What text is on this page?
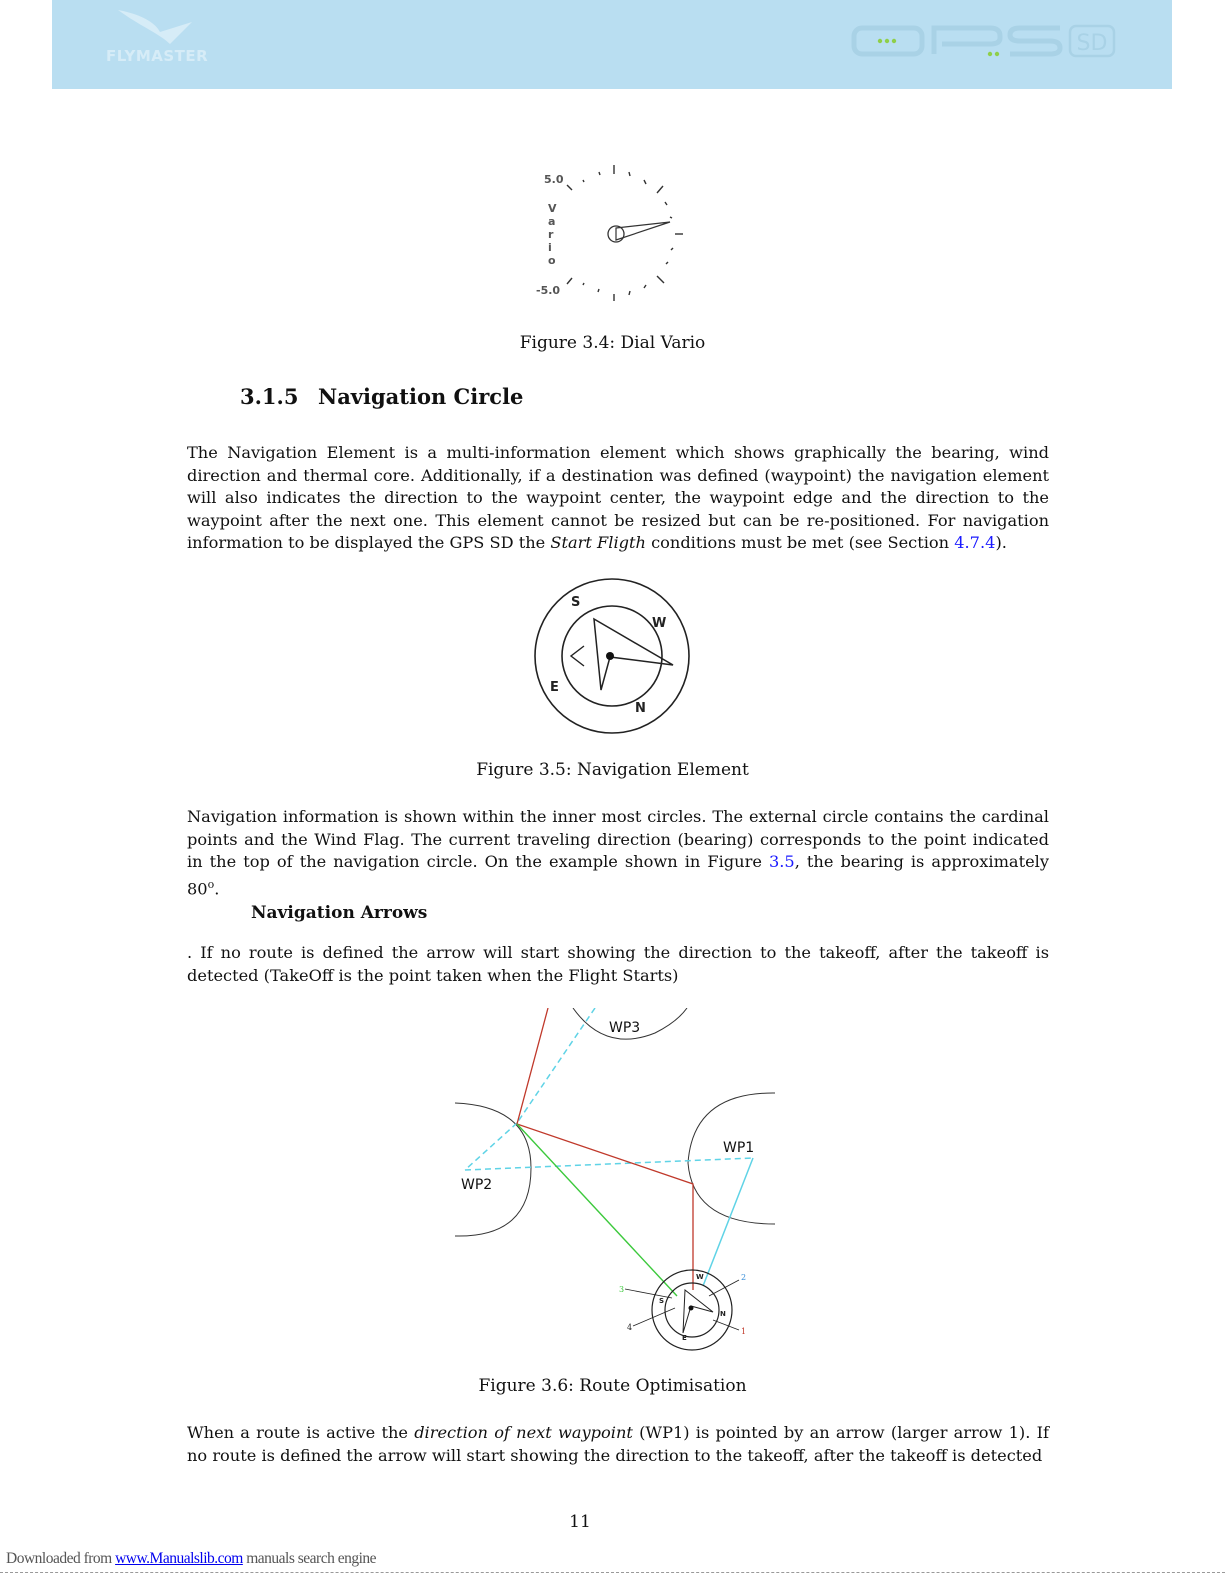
FLYMASTER	SD
5.0
-5.0
V
a
r
i
o
Figure 3.4: Dial Vario
3.1.5 Navigation Circle
The Navigation Element is a multi-information element which shows graphically the bearing, wind direction and thermal core. Additionally, if a destination was defined (waypoint) the navigation element will also indicates the direction to the waypoint center, the waypoint edge and the direction to the waypoint after the next one. This element cannot be resized but can be re-positioned. For navigation information to be displayed the GPS SD the Start Fligth conditions must be met (see Section 4.7.4).
S
W
E
N
Figure 3.5: Navigation Element
Navigation information is shown within the inner most circles. The external circle contains the cardinal points and the Wind Flag. The current traveling direction (bearing) corresponds to the point indicated in the top of the navigation circle. On the example shown in Figure 3.5, the bearing is approximately 80$^o$.
Navigation Arrows
. If no route is defined the arrow will start showing the direction to the takeoff, after the takeoff is detected (TakeOff is the point taken when the Flight Starts)
S
W
E
N
1
2
3
4
WP3
WP1
WP2
Figure 3.6: Route Optimisation
When a route is active the direction of next waypoint (WP1) is pointed by an arrow (larger arrow 1). If no route is defined the arrow will start showing the direction to the takeoff, after the takeoff is detected
11
Downloaded from www.Manualslib.com manuals search engine
